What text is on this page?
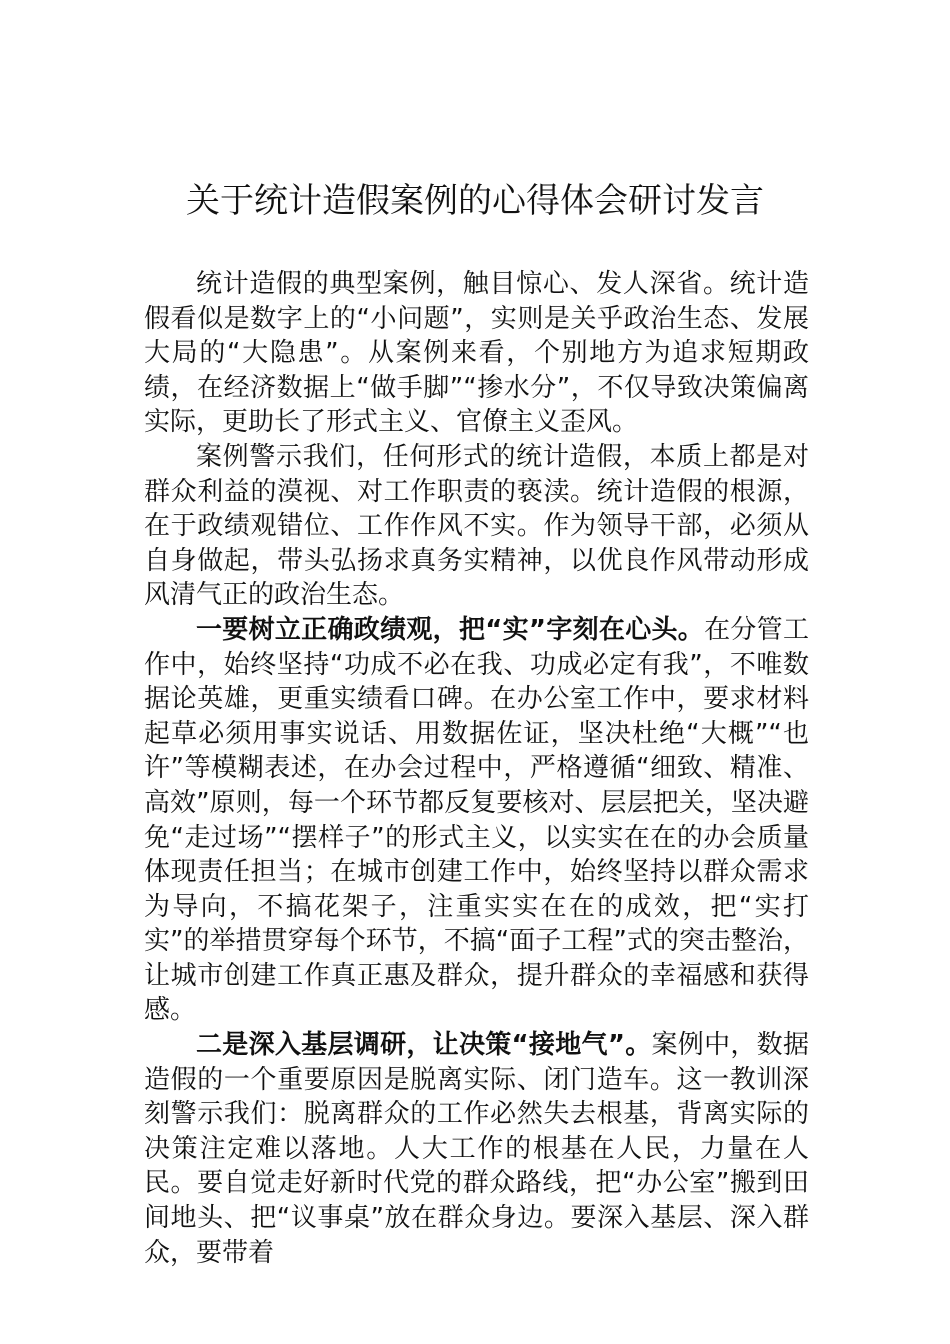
关于统计造假案例的心得体会研讨发言

统计造假的典型案例，触目惊心、发人深省。统计造假看似是数字上的“小问题”，实则是关乎政治生态、发展大局的“大隐患”。从案例来看，个别地方为追求短期政绩，在经济数据上“做手脚”“掺水分”，不仅导致决策偏离实际，更助长了形式主义、官僚主义歪风。

案例警示我们，任何形式的统计造假，本质上都是对群众利益的漠视、对工作职责的亵渎。统计造假的根源，在于政绩观错位、工作作风不实。作为领导干部，必须从自身做起，带头弘扬求真务实精神，以优良作风带动形成风清气正的政治生态。

一要树立正确政绩观，把“实”字刻在心头。在分管工作中，始终坚持“功成不必在我、功成必定有我”，不唯数据论英雄，更重实绩看口碑。在办公室工作中，要求材料起草必须用事实说话、用数据佐证，坚决杜绝“大概”“也许”等模糊表述，在办会过程中，严格遵循“细致、精准、高效”原则，每一个环节都反复要核对、层层把关，坚决避免“走过场”“摆样子”的形式主义，以实实在在的办会质量体现责任担当；在城市创建工作中，始终坚持以群众需求为导向，不搞花架子，注重实实在在的成效，把“实打实”的举措贯穿每个环节，不搞“面子工程”式的突击整治，让城市创建工作真正惠及群众，提升群众的幸福感和获得感。

二是深入基层调研，让决策“接地气”。案例中，数据造假的一个重要原因是脱离实际、闭门造车。这一教训深刻警示我们：脱离群众的工作必然失去根基，背离实际的决策注定难以落地。人大工作的根基在人民，力量在人民。要自觉走好新时代党的群众路线，把“办公室”搬到田间地头、把“议事桌”放在群众身边。要深入基层、深入群众，要带着
